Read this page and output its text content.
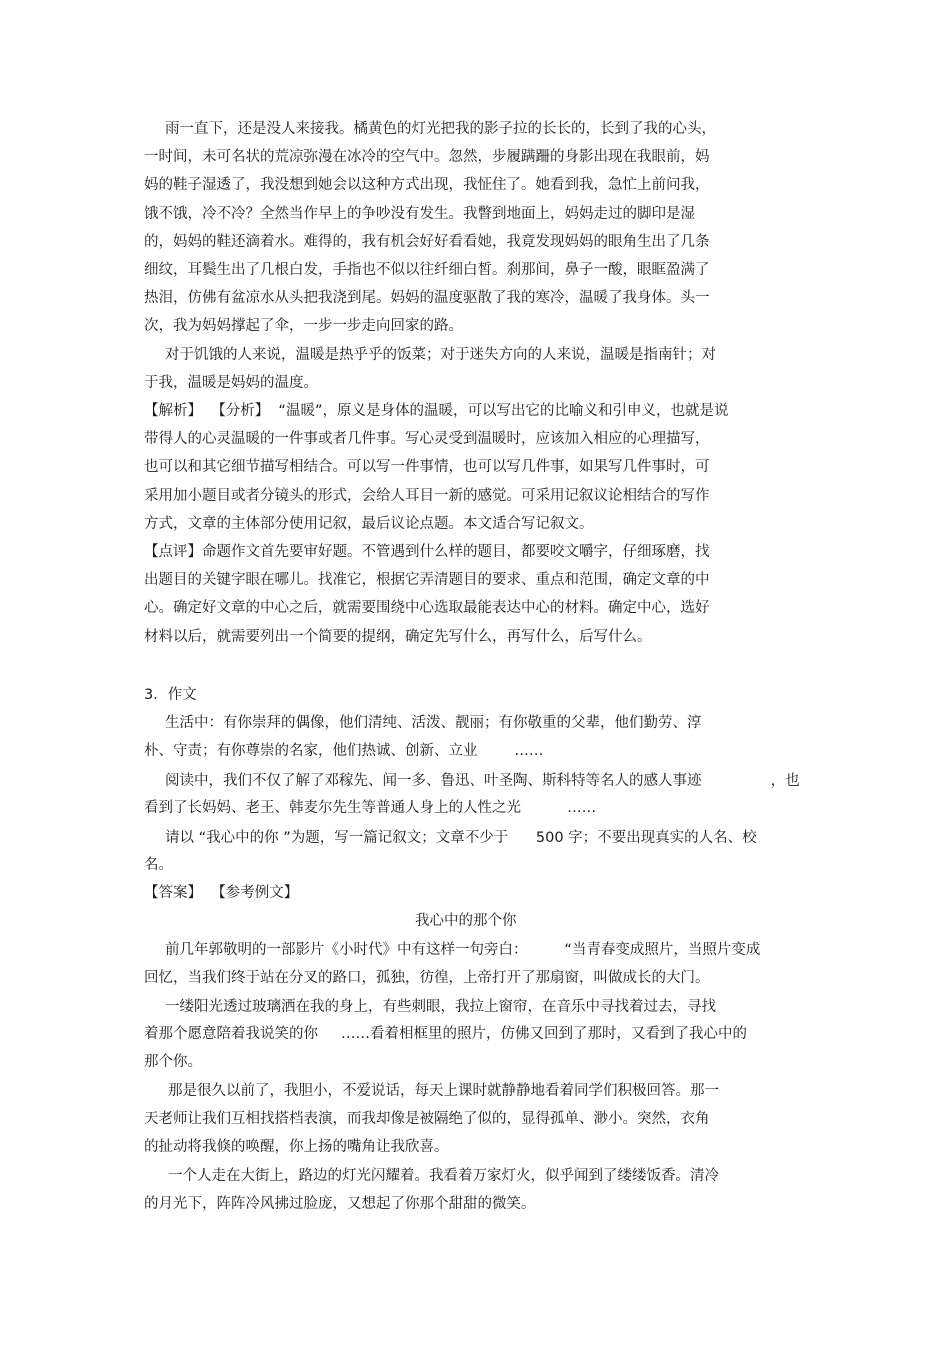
雨一直下，还是没人来接我。橘黄色的灯光把我的影子拉的长长的，长到了我的心头，
一时间，未可名状的荒凉弥漫在冰冷的空气中。忽然，步履蹒跚的身影出现在我眼前，妈
妈的鞋子湿透了，我没想到她会以这种方式出现，我怔住了。她看到我，急忙上前问我，
饿不饿，冷不冷？全然当作早上的争吵没有发生。我瞥到地面上，妈妈走过的脚印是湿
的，妈妈的鞋还滴着水。难得的，我有机会好好看看她，我竟发现妈妈的眼角生出了几条
细纹，耳鬓生出了几根白发，手指也不似以往纤细白皙。刹那间，鼻子一酸，眼眶盈满了
热泪，仿佛有盆凉水从头把我浇到尾。妈妈的温度驱散了我的寒冷，温暖了我身体。头一
次，我为妈妈撑起了伞，一步一步走向回家的路。
对于饥饿的人来说，温暖是热乎乎的饭菜；对于迷失方向的人来说，温暖是指南针；对
于我，温暖是妈妈的温度。
【解析】  【分析】  “温暖”，原义是身体的温暖，可以写出它的比喻义和引申义，也就是说
带得人的心灵温暖的一件事或者几件事。写心灵受到温暖时，应该加入相应的心理描写，
也可以和其它细节描写相结合。可以写一件事情，也可以写几件事，如果写几件事时，可
采用加小题目或者分镜头的形式，会给人耳目一新的感觉。可采用记叙议论相结合的写作
方式，文章的主体部分使用记叙，最后议论点题。本文适合写记叙文。
【点评】命题作文首先要审好题。不管遇到什么样的题目，都要咬文嚼字，仔细琢磨，找
出题目的关键字眼在哪儿。找准它，根据它弄清题目的要求、重点和范围，确定文章的中
心。确定好文章的中心之后，就需要围绕中心选取最能表达中心的材料。确定中心，选好
材料以后，就需要列出一个简要的提纲，确定先写什么，再写什么，后写什么。
3．作文
生活中：有你崇拜的偶像，他们清纯、活泼、靓丽；有你敬重的父辈，他们勤劳、淳
朴、守责；有你尊崇的名家，他们热诚、创新、立业        ……
阅读中，我们不仅了解了邓稼先、闻一多、鲁迅、叶圣陶、斯科特等名人的感人事迹               ，也
看到了长妈妈、老王、韩麦尔先生等普通人身上的人性之光          ……
请以 “我心中的你 ”为题，写一篇记叙文；文章不少于      500 字；不要出现真实的人名、校
名。
【答案】  【参考例文】
我心中的那个你
前几年郭敬明的一部影片《小时代》中有这样一句旁白：        “当青春变成照片，当照片变成
回忆，当我们终于站在分叉的路口，孤独，彷徨，上帝打开了那扇窗，叫做成长的大门。
一缕阳光透过玻璃洒在我的身上，有些刺眼，我拉上窗帘，在音乐中寻找着过去，寻找
着那个愿意陪着我说笑的你     ……看着相框里的照片，仿佛又回到了那时，又看到了我心中的
那个你。
那是很久以前了，我胆小，不爱说话，每天上课时就静静地看着同学们积极回答。那一
天老师让我们互相找搭档表演，而我却像是被隔绝了似的，显得孤单、渺小。突然，衣角
的扯动将我倏的唤醒，你上扬的嘴角让我欣喜。
一个人走在大街上，路边的灯光闪耀着。我看着万家灯火，似乎闻到了缕缕饭香。清冷
的月光下，阵阵冷风拂过脸庞，又想起了你那个甜甜的微笑。
